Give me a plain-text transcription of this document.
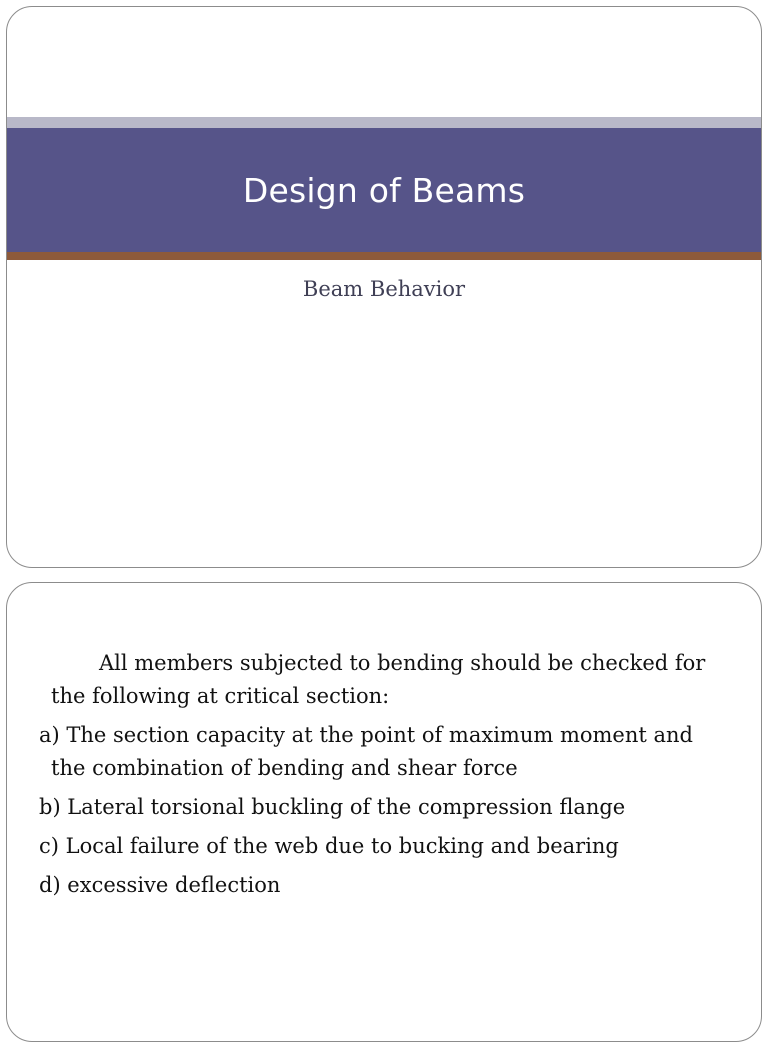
Design of Beams
Beam Behavior

All members subjected to bending should be checked for the following at critical section:

a) The section capacity at the point of maximum moment and the combination of bending and shear force

b) Lateral torsional buckling of the compression flange

c) Local failure of the web due to bucking and bearing

d) excessive deflection
